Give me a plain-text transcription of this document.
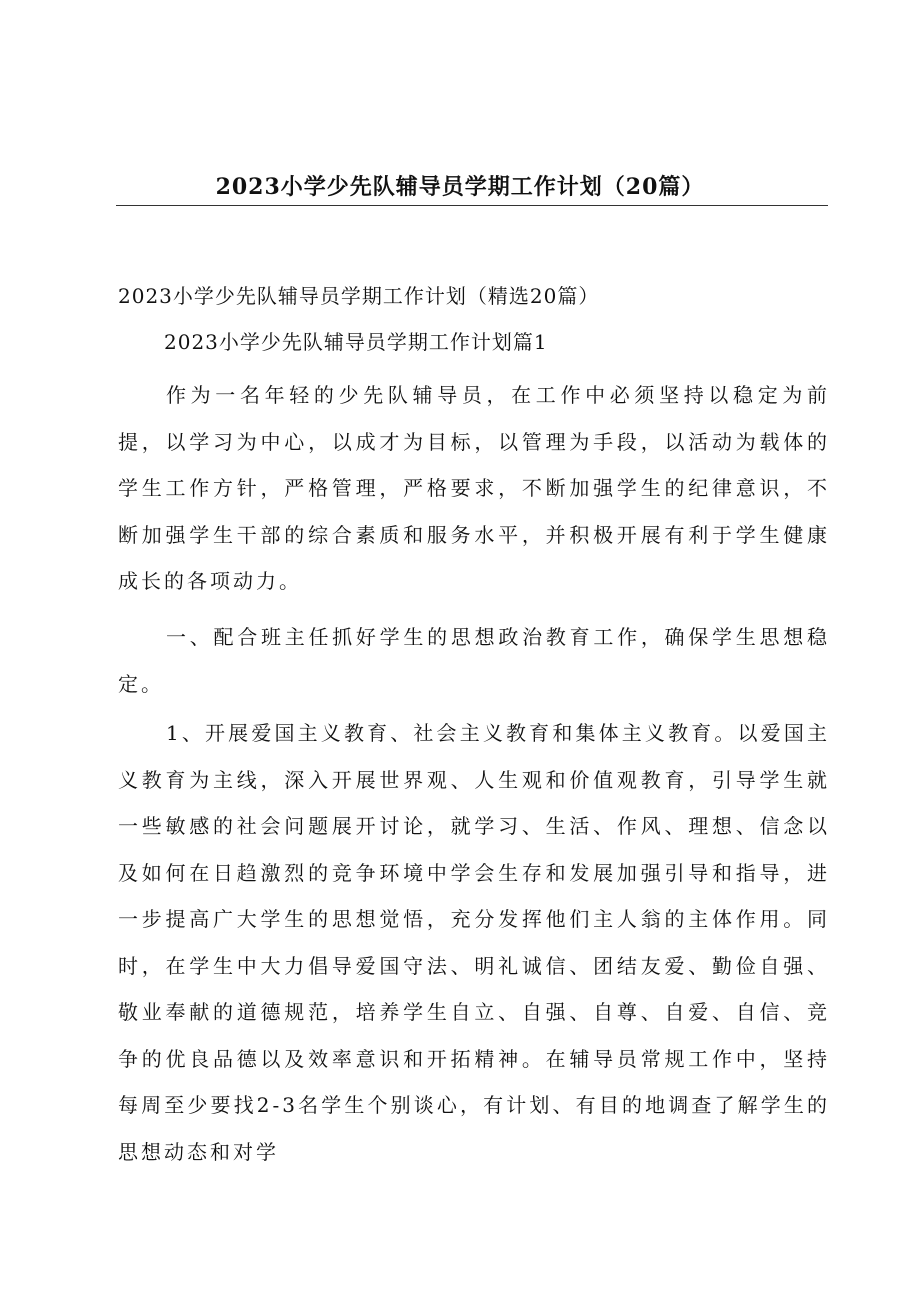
2023小学少先队辅导员学期工作计划（20篇）
2023小学少先队辅导员学期工作计划（精选20篇）
2023小学少先队辅导员学期工作计划篇1

作为一名年轻的少先队辅导员，在工作中必须坚持以稳定为前提，以学习为中心，以成才为目标，以管理为手段，以活动为载体的学生工作方针，严格管理，严格要求，不断加强学生的纪律意识，不断加强学生干部的综合素质和服务水平，并积极开展有利于学生健康成长的各项动力。

一、配合班主任抓好学生的思想政治教育工作，确保学生思想稳定。

1、开展爱国主义教育、社会主义教育和集体主义教育。以爱国主义教育为主线，深入开展世界观、人生观和价值观教育，引导学生就一些敏感的社会问题展开讨论，就学习、生活、作风、理想、信念以及如何在日趋激烈的竞争环境中学会生存和发展加强引导和指导，进一步提高广大学生的思想觉悟，充分发挥他们主人翁的主体作用。同时，在学生中大力倡导爱国守法、明礼诚信、团结友爱、勤俭自强、敬业奉献的道德规范，培养学生自立、自强、自尊、自爱、自信、竞争的优良品德以及效率意识和开拓精神。在辅导员常规工作中，坚持每周至少要找2-3名学生个别谈心，有计划、有目的地调查了解学生的思想动态和对学
